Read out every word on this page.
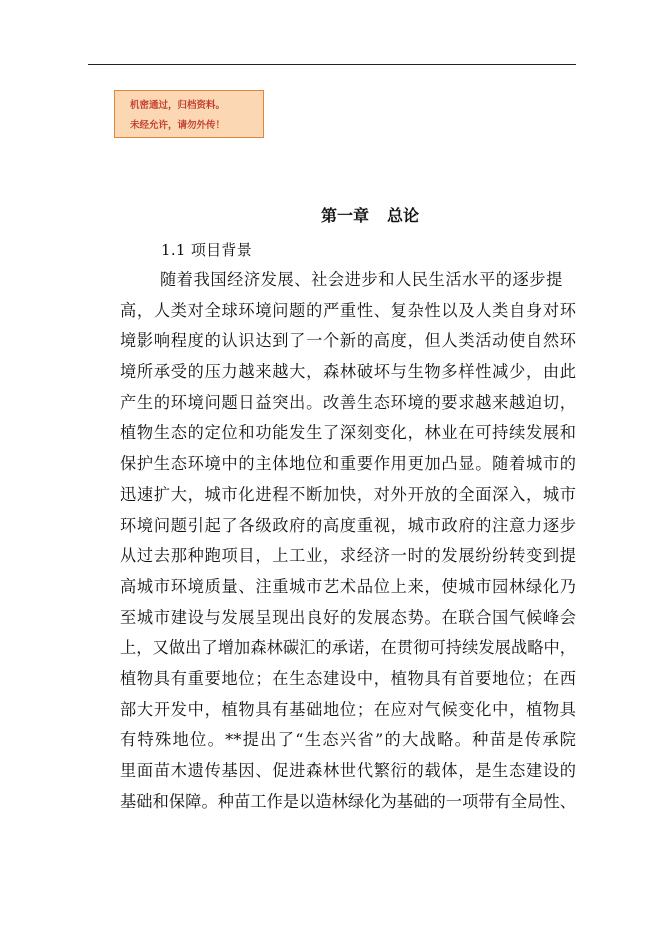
机密通过，归档资料。
未经允许，请勿外传！
第一章 总论
1.1 项目背景
随着我国经济发展、社会进步和人民生活水平的逐步提
高，人类对全球环境问题的严重性、复杂性以及人类自身对环
境影响程度的认识达到了一个新的高度，但人类活动使自然环
境所承受的压力越来越大，森林破坏与生物多样性减少，由此
产生的环境问题日益突出。改善生态环境的要求越来越迫切，
植物生态的定位和功能发生了深刻变化，林业在可持续发展和
保护生态环境中的主体地位和重要作用更加凸显。随着城市的
迅速扩大，城市化进程不断加快，对外开放的全面深入，城市
环境问题引起了各级政府的高度重视，城市政府的注意力逐步
从过去那种跑项目，上工业，求经济一时的发展纷纷转变到提
高城市环境质量、注重城市艺术品位上来，使城市园林绿化乃
至城市建设与发展呈现出良好的发展态势。在联合国气候峰会
上，又做出了增加森林碳汇的承诺，在贯彻可持续发展战略中，
植物具有重要地位；在生态建设中，植物具有首要地位；在西
部大开发中，植物具有基础地位；在应对气候变化中，植物具
有特殊地位。**提出了“生态兴省”的大战略。种苗是传承院
里面苗木遗传基因、促进森林世代繁衍的载体，是生态建设的
基础和保障。种苗工作是以造林绿化为基础的一项带有全局性、
